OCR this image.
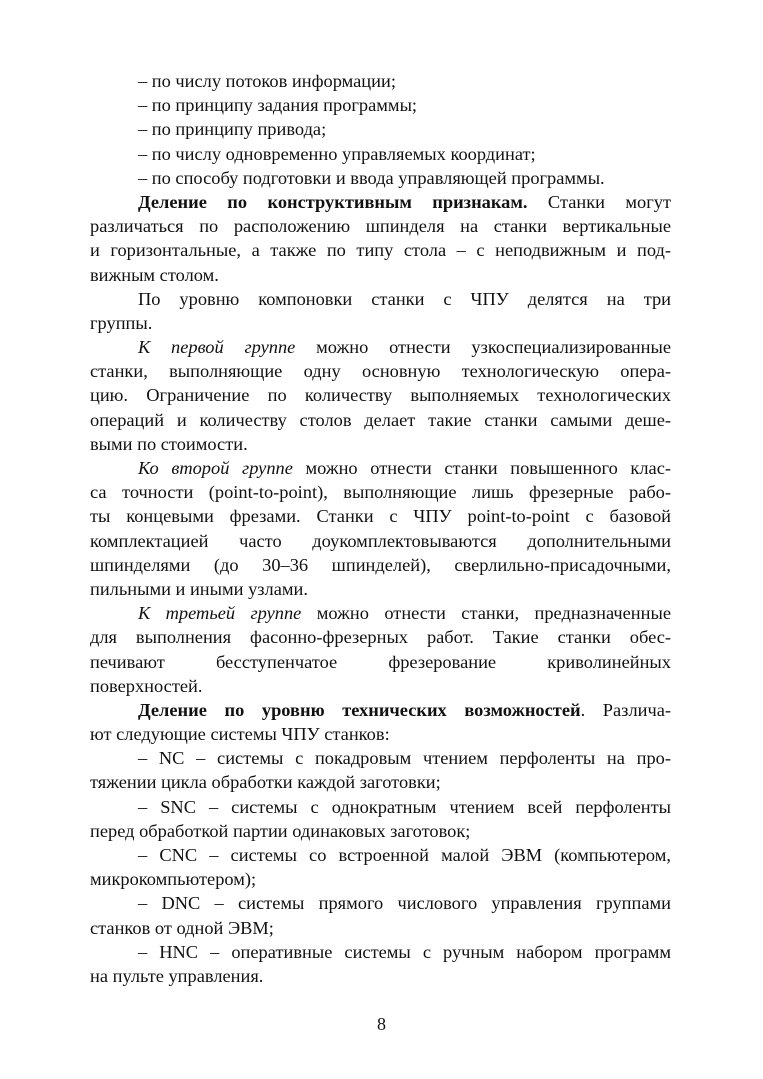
– по числу потоков информации;
– по принципу задания программы;
– по принципу привода;
– по числу одновременно управляемых координат;
– по способу подготовки и ввода управляющей программы.
Деление по конструктивным признакам. Станки могут
различаться по расположению шпинделя на станки вертикальные
и горизонтальные, а также по типу стола – с неподвижным и под-
вижным столом.
По уровню компоновки станки с ЧПУ делятся на три
группы.
К первой группе можно отнести узкоспециализированные
станки, выполняющие одну основную технологическую опера-
цию. Ограничение по количеству выполняемых технологических
операций и количеству столов делает такие станки самыми деше-
выми по стоимости.
Ко второй группе можно отнести станки повышенного клас-
са точности (point-to-point), выполняющие лишь фрезерные рабо-
ты концевыми фрезами. Станки с ЧПУ point-to-point с базовой
комплектацией часто доукомплектовываются дополнительными
шпинделями (до 30–36 шпинделей), сверлильно-присадочными,
пильными и иными узлами.
К третьей группе можно отнести станки, предназначенные
для выполнения фасонно-фрезерных работ. Такие станки обес-
печивают бесступенчатое фрезерование криволинейных
поверхностей.
Деление по уровню технических возможностей. Различа-
ют следующие системы ЧПУ станков:
– NC – системы с покадровым чтением перфоленты на про-
тяжении цикла обработки каждой заготовки;
– SNC – системы с однократным чтением всей перфоленты
перед обработкой партии одинаковых заготовок;
– CNC – системы со встроенной малой ЭВМ (компьютером,
микрокомпьютером);
– DNC – системы прямого числового управления группами
станков от одной ЭВМ;
– HNC – оперативные системы с ручным набором программ
на пульте управления.
8
